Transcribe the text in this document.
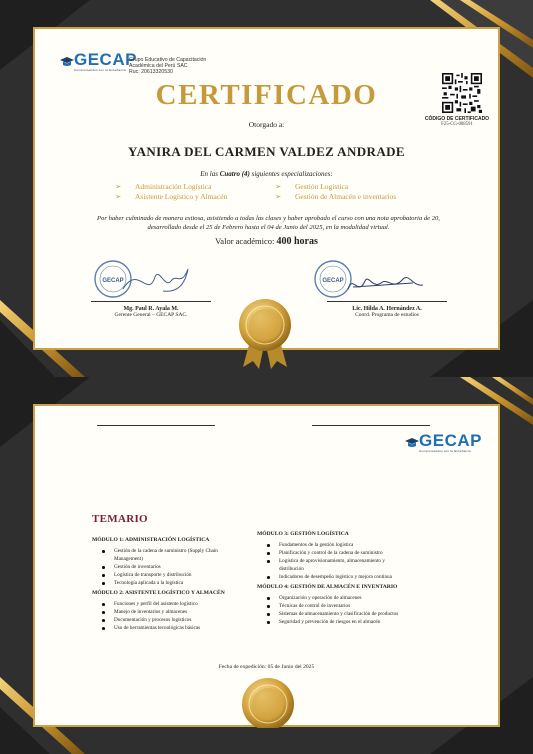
GECAP
Comprometidos con la Enseñanza
Grupo Educativo de Capacitación
Académica del Perú SAC
Ruc: 20613320530
CERTIFICADO
Otorgado a:
CÓDIGO DE CERTIFICADO
F25-CG-008591
YANIRA DEL CARMEN VALDEZ ANDRADE
En las Cuatro (4) siguientes especializaciones:
➢ Administración Logística	➢ Gestión Logística
➢ Asistente Logístico y Almacén	➢ Gestión de Almacén e inventarios
Por haber culminado de manera exitosa, asistiendo a todas las clases y haber aprobado el curso con una nota aprobatoria de 20,
desarrollado desde el 25 de Febrero hasta el 04 de Junio del 2025, en la modalidad virtual.
Valor académico: 400 horas
GECAP
Mg. Paul R. Ayala M.
Gerente General – GECAP SAC.
GECAP
Lic. Hilda A. Hernández A.
Coord. Programa de estudios
GECAP
Comprometidos con la Enseñanza
TEMARIO
MÓDULO 1: ADMINISTRACIÓN LOGÍSTICA
Gestión de la cadena de suministro (Supply Chain
Management)
Gestión de inventarios
Logística de transporte y distribución
Tecnología aplicada a la logística
MÓDULO 2: ASISTENTE LOGÍSTICO Y ALMACÉN
Funciones y perfil del asistente logístico
Manejo de inventarios y almacenes
Documentación y procesos logísticos
Uso de herramientas tecnológicas básicas
MÓDULO 3: GESTIÓN LOGÍSTICA
Fundamentos de la gestión logística
Planificación y control de la cadena de suministro
Logística de aprovisionamiento, almacenamiento y
distribución
Indicadores de desempeño logístico y mejora continua
MÓDULO 4: GESTIÓN DE ALMACÉN E INVENTARIO
Organización y operación de almacenes
Técnicas de control de inventarios
Sistemas de almacenamiento y clasificación de productos
Seguridad y prevención de riesgos en el almacén
Fecha de expedición: 05 de Junio del 2025
